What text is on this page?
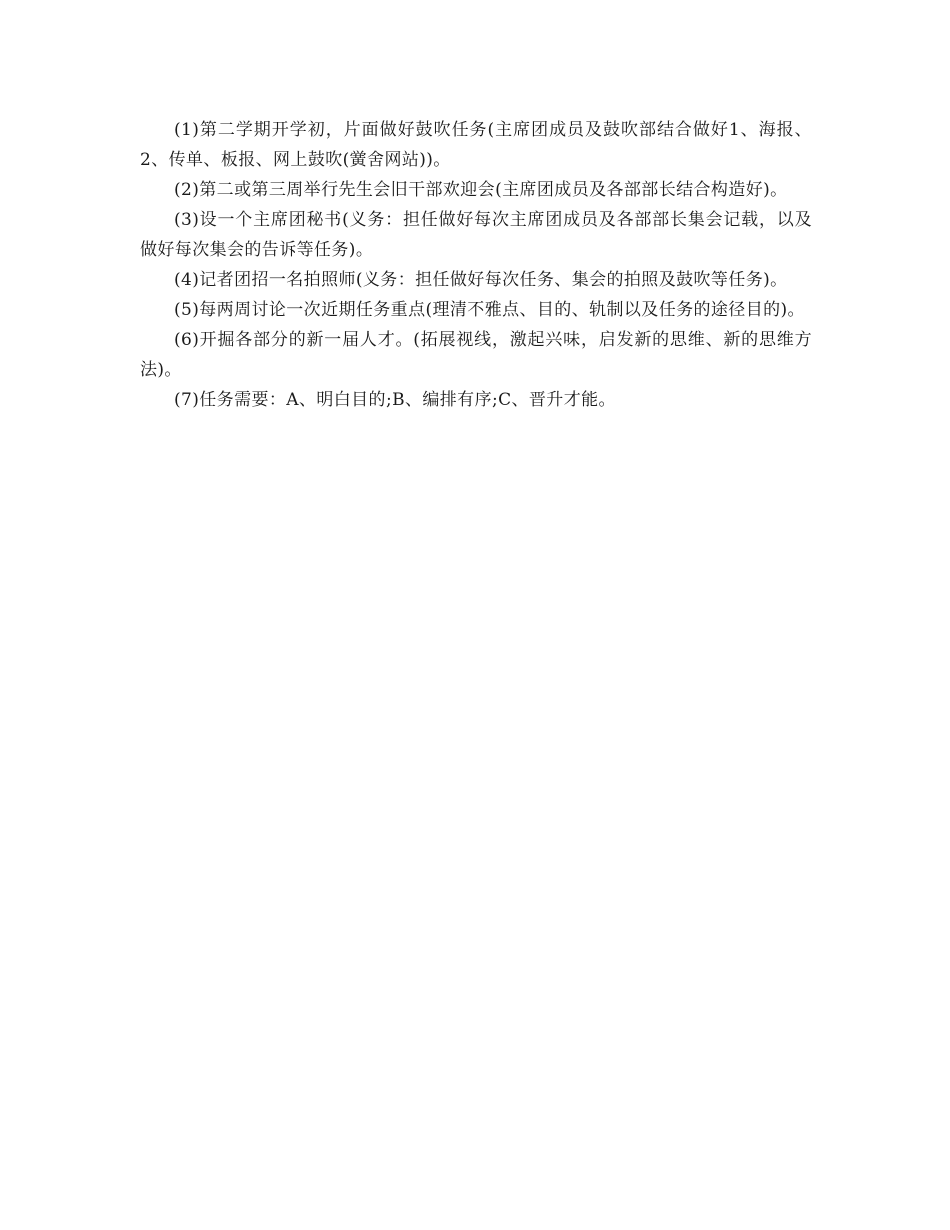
(1)第二学期开学初，片面做好鼓吹任务(主席团成员及鼓吹部结合做好1、海报、2、传单、板报、网上鼓吹(黉舍网站))。

(2)第二或第三周举行先生会旧干部欢迎会(主席团成员及各部部长结合构造好)。

(3)设一个主席团秘书(义务：担任做好每次主席团成员及各部部长集会记载，以及做好每次集会的告诉等任务)。

(4)记者团招一名拍照师(义务：担任做好每次任务、集会的拍照及鼓吹等任务)。

(5)每两周讨论一次近期任务重点(理清不雅点、目的、轨制以及任务的途径目的)。

(6)开掘各部分的新一届人才。(拓展视线，激起兴味，启发新的思维、新的思维方法)。

(7)任务需要：A、明白目的;B、编排有序;C、晋升才能。
